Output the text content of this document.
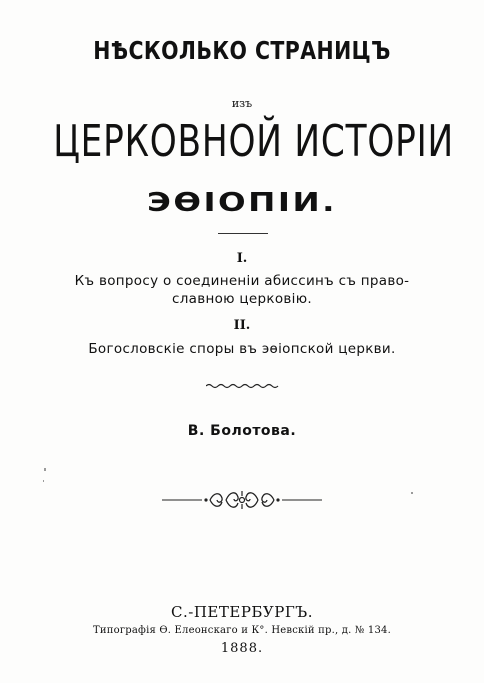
НѢСКОЛЬКО СТРАНИЦЪ
изъ
ЦЕРКОВНОЙ ИСТОРІИ
ЭѲІОПІИ.
I.
Къ вопросу о соединеніи абиссинъ съ право-
славною церковію.
II.
Богословскіе споры въ эѳіопской церкви.
В. Болотова.
С.-ПЕТЕРБУРГЪ.
Типографія Ѳ. Елеонскаго и К°. Невскій пр., д. № 134.
1888.
